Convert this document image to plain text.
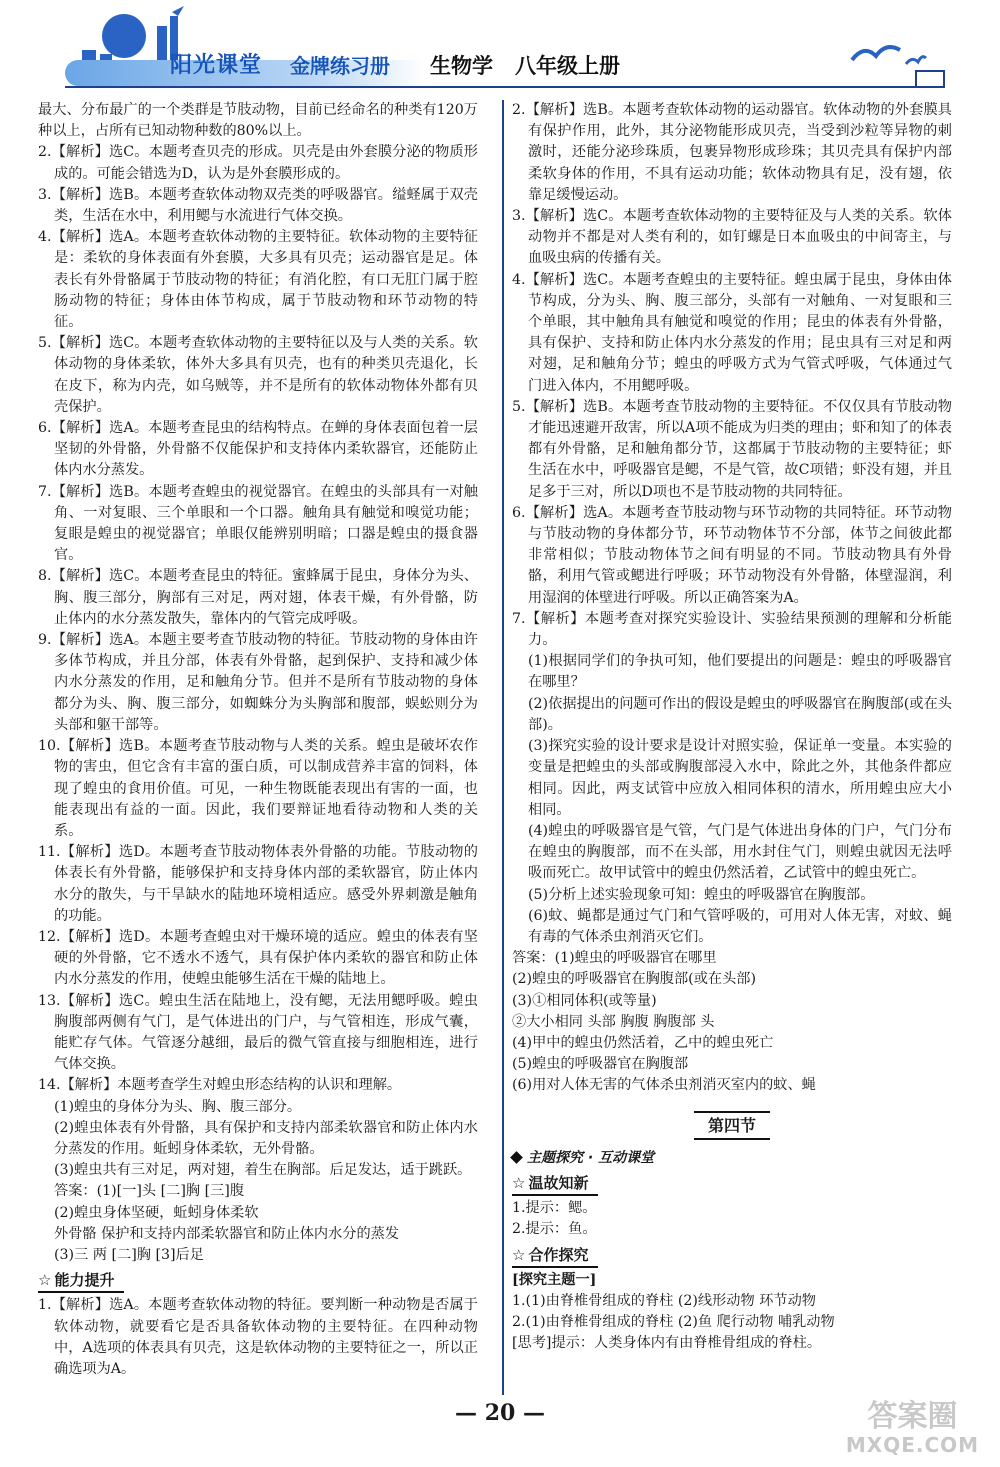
阳光课堂 金牌练习册 生物学 八年级上册

最大、分布最广的一个类群是节肢动物，目前已经命名的种类有120万种以上，占所有已知动物种数的80%以上。

2.【解析】选C。本题考查贝壳的形成。贝壳是由外套膜分泌的物质形成的。可能会错选为D，认为是外套膜形成的。

3.【解析】选B。本题考查软体动物双壳类的呼吸器官。缢蛏属于双壳类，生活在水中，利用鳃与水流进行气体交换。

4.【解析】选A。本题考查软体动物的主要特征。软体动物的主要特征是：柔软的身体表面有外套膜，大多具有贝壳；运动器官是足。体表长有外骨骼属于节肢动物的特征；有消化腔，有口无肛门属于腔肠动物的特征；身体由体节构成，属于节肢动物和环节动物的特征。

5.【解析】选C。本题考查软体动物的主要特征以及与人类的关系。软体动物的身体柔软，体外大多具有贝壳，也有的种类贝壳退化，长在皮下，称为内壳，如乌贼等，并不是所有的软体动物体外都有贝壳保护。

6.【解析】选A。本题考查昆虫的结构特点。在蝉的身体表面包着一层坚韧的外骨骼，外骨骼不仅能保护和支持体内柔软器官，还能防止体内水分蒸发。

7.【解析】选B。本题考查蝗虫的视觉器官。在蝗虫的头部具有一对触角、一对复眼、三个单眼和一个口器。触角具有触觉和嗅觉功能；复眼是蝗虫的视觉器官；单眼仅能辨别明暗；口器是蝗虫的摄食器官。

8.【解析】选C。本题考查昆虫的特征。蜜蜂属于昆虫，身体分为头、胸、腹三部分，胸部有三对足，两对翅，体表干燥，有外骨骼，防止体内的水分蒸发散失，靠体内的气管完成呼吸。

9.【解析】选A。本题主要考查节肢动物的特征。节肢动物的身体由许多体节构成，并且分部，体表有外骨骼，起到保护、支持和减少体内水分蒸发的作用，足和触角分节。但并不是所有节肢动物的身体都分为头、胸、腹三部分，如蜘蛛分为头胸部和腹部，蜈蚣则分为头部和躯干部等。

10.【解析】选B。本题考查节肢动物与人类的关系。蝗虫是破坏农作物的害虫，但它含有丰富的蛋白质，可以制成营养丰富的饲料，体现了蝗虫的食用价值。可见，一种生物既能表现出有害的一面，也能表现出有益的一面。因此，我们要辩证地看待动物和人类的关系。

11.【解析】选D。本题考查节肢动物体表外骨骼的功能。节肢动物的体表长有外骨骼，能够保护和支持身体内部的柔软器官，防止体内水分的散失，与干旱缺水的陆地环境相适应。感受外界刺激是触角的功能。

12.【解析】选D。本题考查蝗虫对干燥环境的适应。蝗虫的体表有坚硬的外骨骼，它不透水不透气，具有保护体内柔软的器官和防止体内水分蒸发的作用，使蝗虫能够生活在干燥的陆地上。

13.【解析】选C。蝗虫生活在陆地上，没有鳃，无法用鳃呼吸。蝗虫胸腹部两侧有气门，是气体进出的门户，与气管相连，形成气囊，能贮存气体。气管逐分越细，最后的微气管直接与细胞相连，进行气体交换。

14.【解析】本题考查学生对蝗虫形态结构的认识和理解。

(1)蝗虫的身体分为头、胸、腹三部分。

(2)蝗虫体表有外骨骼，具有保护和支持内部柔软器官和防止体内水分蒸发的作用。蚯蚓身体柔软，无外骨骼。

(3)蝗虫共有三对足，两对翅，着生在胸部。后足发达，适于跳跃。

答案：(1)[一]头 [二]胸 [三]腹

(2)蝗虫身体坚硬，蚯蚓身体柔软

外骨骼 保护和支持内部柔软器官和防止体内水分的蒸发

(3)三 两 [二]胸 [3]后足

☆ 能力提升

1.【解析】选A。本题考查软体动物的特征。要判断一种动物是否属于软体动物，就要看它是否具备软体动物的主要特征。在四种动物中，A选项的体表具有贝壳，这是软体动物的主要特征之一，所以正确选项为A。

2.【解析】选B。本题考查软体动物的运动器官。软体动物的外套膜具有保护作用，此外，其分泌物能形成贝壳，当受到沙粒等异物的刺激时，还能分泌珍珠质，包裹异物形成珍珠；其贝壳具有保护内部柔软身体的作用，不具有运动功能；软体动物具有足，没有翅，依靠足缓慢运动。

3.【解析】选C。本题考查软体动物的主要特征及与人类的关系。软体动物并不都是对人类有利的，如钉螺是日本血吸虫的中间寄主，与血吸虫病的传播有关。

4.【解析】选C。本题考查蝗虫的主要特征。蝗虫属于昆虫，身体由体节构成，分为头、胸、腹三部分，头部有一对触角、一对复眼和三个单眼，其中触角具有触觉和嗅觉的作用；昆虫的体表有外骨骼，具有保护、支持和防止体内水分蒸发的作用；昆虫具有三对足和两对翅，足和触角分节；蝗虫的呼吸方式为气管式呼吸，气体通过气门进入体内，不用鳃呼吸。

5.【解析】选B。本题考查节肢动物的主要特征。不仅仅具有节肢动物才能迅速避开敌害，所以A项不能成为归类的理由；虾和知了的体表都有外骨骼，足和触角都分节，这都属于节肢动物的主要特征；虾生活在水中，呼吸器官是鳃，不是气管，故C项错；虾没有翅，并且足多于三对，所以D项也不是节肢动物的共同特征。

6.【解析】选A。本题考查节肢动物与环节动物的共同特征。环节动物与节肢动物的身体都分节，环节动物体节不分部，体节之间彼此都非常相似；节肢动物体节之间有明显的不同。节肢动物具有外骨骼，利用气管或鳃进行呼吸；环节动物没有外骨骼，体壁湿润，利用湿润的体壁进行呼吸。所以正确答案为A。

7.【解析】本题考查对探究实验设计、实验结果预测的理解和分析能力。

(1)根据同学们的争执可知，他们要提出的问题是：蝗虫的呼吸器官在哪里？

(2)依据提出的问题可作出的假设是蝗虫的呼吸器官在胸腹部(或在头部)。

(3)探究实验的设计要求是设计对照实验，保证单一变量。本实验的变量是把蝗虫的头部或胸腹部浸入水中，除此之外，其他条件都应相同。因此，两支试管中应放入相同体积的清水，所用蝗虫应大小相同。

(4)蝗虫的呼吸器官是气管，气门是气体进出身体的门户，气门分布在蝗虫的胸腹部，而不在头部，用水封住气门，则蝗虫就因无法呼吸而死亡。故甲试管中的蝗虫仍然活着，乙试管中的蝗虫死亡。

(5)分析上述实验现象可知：蝗虫的呼吸器官在胸腹部。

(6)蚊、蝇都是通过气门和气管呼吸的，可用对人体无害，对蚊、蝇有毒的气体杀虫剂消灭它们。

答案：(1)蝗虫的呼吸器官在哪里

(2)蝗虫的呼吸器官在胸腹部(或在头部)

(3)①相同体积(或等量)

②大小相同 头部 胸腹 胸腹部 头

(4)甲中的蝗虫仍然活着，乙中的蝗虫死亡

(5)蝗虫的呼吸器官在胸腹部

(6)用对人体无害的气体杀虫剂消灭室内的蚊、蝇

第四节
主题探究 · 互动课堂
☆ 温故知新

1.提示：鳃。

2.提示：鱼。

☆ 合作探究

[探究主题一]

1.(1)由脊椎骨组成的脊柱 (2)线形动物 环节动物

2.(1)由脊椎骨组成的脊柱 (2)鱼 爬行动物 哺乳动物

[思考]提示：人类身体内有由脊椎骨组成的脊柱。

— 20 —	答案圈
MXQE.COM
